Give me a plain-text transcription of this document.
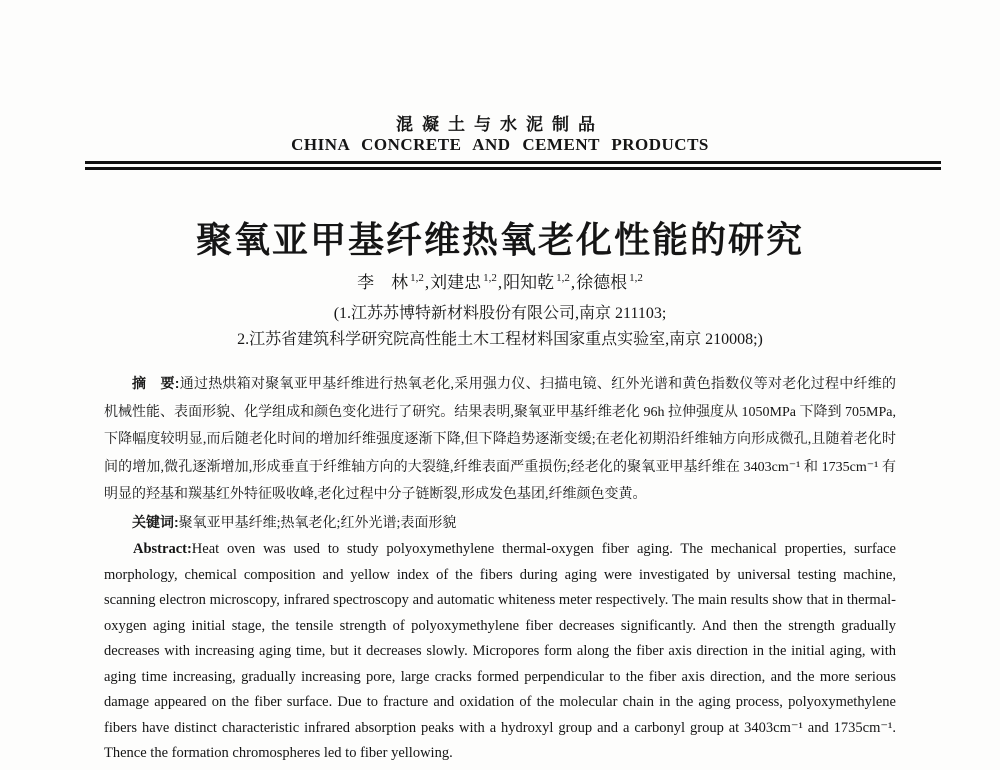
混凝土与水泥制品
CHINA CONCRETE AND CEMENT PRODUCTS
聚氧亚甲基纤维热氧老化性能的研究
李　林 $^{1,2}$,刘建忠 $^{1,2}$,阳知乾 $^{1,2}$,徐德根 $^{1,2}$
(1.江苏苏博特新材料股份有限公司,南京 211103;
2.江苏省建筑科学研究院高性能土木工程材料国家重点实验室,南京 210008;)

摘　要:通过热烘箱对聚氧亚甲基纤维进行热氧老化,采用强力仪、扫描电镜、红外光谱和黄色指数仪等对老化过程中纤维的机械性能、表面形貌、化学组成和颜色变化进行了研究。结果表明,聚氧亚甲基纤维老化 96h 拉伸强度从 1050MPa 下降到 705MPa,下降幅度较明显,而后随老化时间的增加纤维强度逐渐下降,但下降趋势逐渐变缓;在老化初期沿纤维轴方向形成微孔,且随着老化时间的增加,微孔逐渐增加,形成垂直于纤维轴方向的大裂缝,纤维表面严重损伤;经老化的聚氧亚甲基纤维在 3403cm⁻¹ 和 1735cm⁻¹ 有明显的羟基和羰基红外特征吸收峰,老化过程中分子链断裂,形成发色基团,纤维颜色变黄。

关键词:聚氧亚甲基纤维;热氧老化;红外光谱;表面形貌

Abstract:Heat oven was used to study polyoxymethylene thermal-oxygen fiber aging. The mechanical properties, surface morphology, chemical composition and yellow index of the fibers during aging were investigated by universal testing machine, scanning electron microscopy, infrared spectroscopy and automatic whiteness meter respectively. The main results show that in thermal-oxygen aging initial stage, the tensile strength of polyoxymethylene fiber decreases significantly. And then the strength gradually decreases with increasing aging time, but it decreases slowly. Micropores form along the fiber axis direction in the initial aging, with aging time increasing, gradually increasing pore, large cracks formed perpendicular to the fiber axis direction, and the more serious damage appeared on the fiber surface. Due to fracture and oxidation of the molecular chain in the aging process, polyoxymethylene fibers have distinct characteristic infrared absorption peaks with a hydroxyl group and a carbonyl group at 3403cm⁻¹ and 1735cm⁻¹. Thence the formation chromospheres led to fiber yellowing.
